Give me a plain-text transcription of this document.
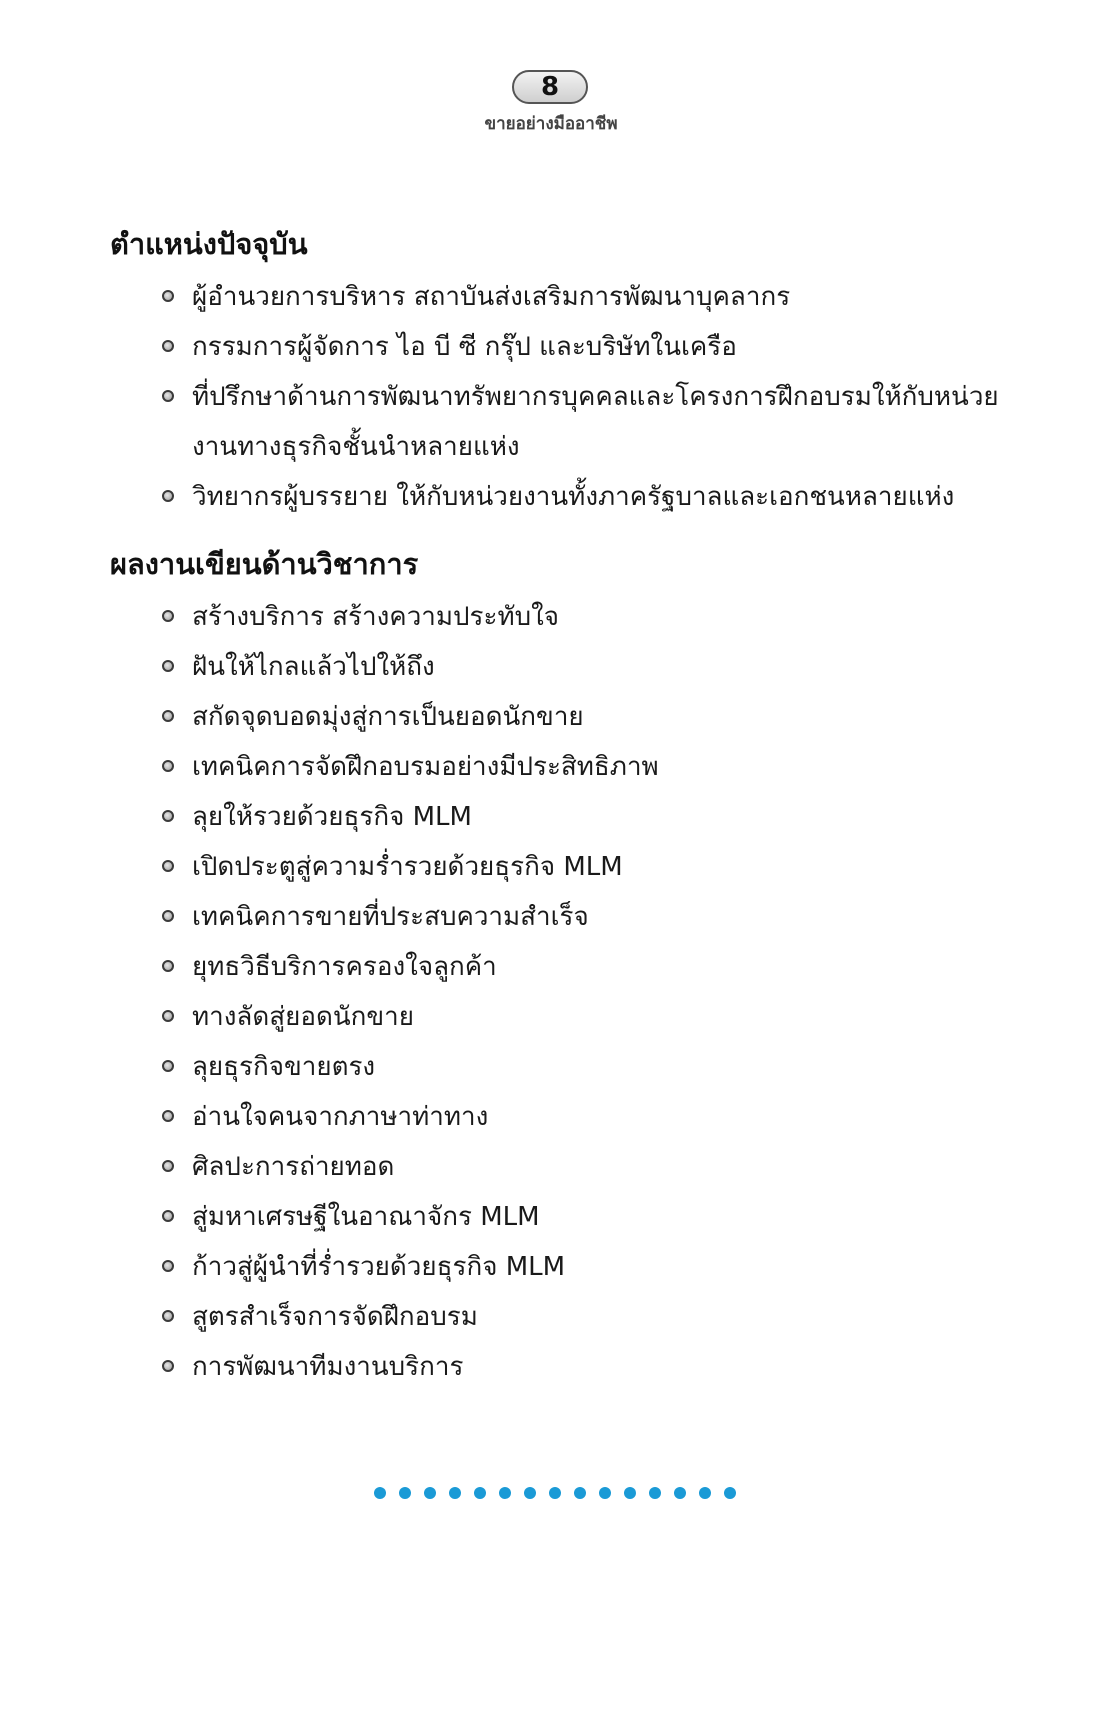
8
ขายอย่างมืออาชีพ
ตำแหน่งปัจจุบัน
ผู้อำนวยการบริหาร สถาบันส่งเสริมการพัฒนาบุคลากร
กรรมการผู้จัดการ ไอ บี ซี กรุ๊ป และบริษัทในเครือ
ที่ปรึกษาด้านการพัฒนาทรัพยากรบุคคลและโครงการฝึกอบรมให้กับหน่วยงานทางธุรกิจชั้นนำหลายแห่ง
วิทยากรผู้บรรยาย ให้กับหน่วยงานทั้งภาครัฐบาลและเอกชนหลายแห่ง
ผลงานเขียนด้านวิชาการ
สร้างบริการ สร้างความประทับใจ
ฝันให้ไกลแล้วไปให้ถึง
สกัดจุดบอดมุ่งสู่การเป็นยอดนักขาย
เทคนิคการจัดฝึกอบรมอย่างมีประสิทธิภาพ
ลุยให้รวยด้วยธุรกิจ MLM
เปิดประตูสู่ความร่ำรวยด้วยธุรกิจ MLM
เทคนิคการขายที่ประสบความสำเร็จ
ยุทธวิธีบริการครองใจลูกค้า
ทางลัดสู่ยอดนักขาย
ลุยธุรกิจขายตรง
อ่านใจคนจากภาษาท่าทาง
ศิลปะการถ่ายทอด
สู่มหาเศรษฐีในอาณาจักร MLM
ก้าวสู่ผู้นำที่ร่ำรวยด้วยธุรกิจ MLM
สูตรสำเร็จการจัดฝึกอบรม
การพัฒนาทีมงานบริการ
